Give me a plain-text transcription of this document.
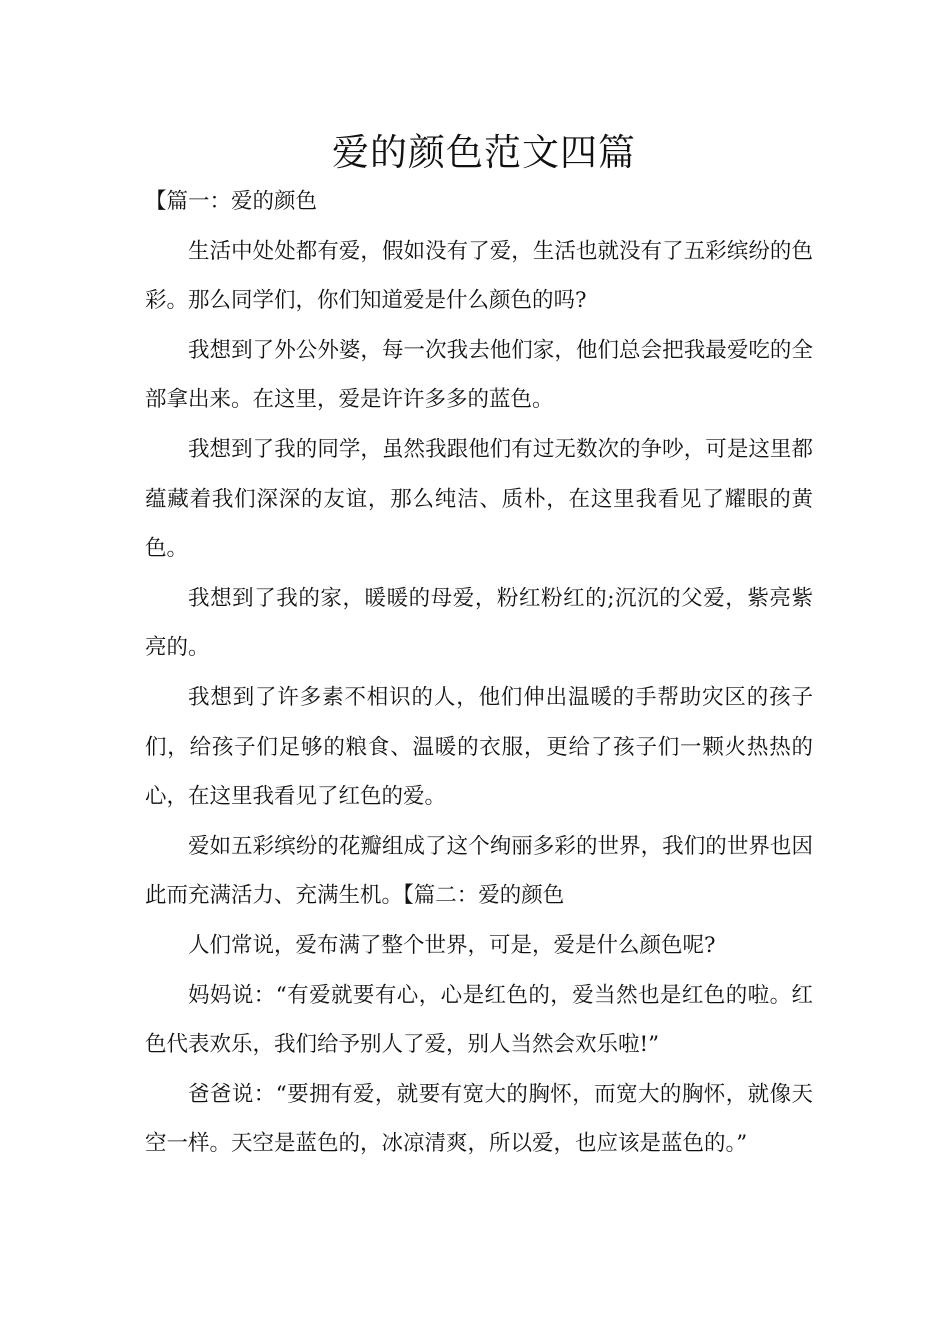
爱的颜色范文四篇

【篇一：爱的颜色

生活中处处都有爱，假如没有了爱，生活也就没有了五彩缤纷的色彩。那么同学们，你们知道爱是什么颜色的吗?

我想到了外公外婆，每一次我去他们家，他们总会把我最爱吃的全部拿出来。在这里，爱是许许多多的蓝色。

我想到了我的同学，虽然我跟他们有过无数次的争吵，可是这里都蕴藏着我们深深的友谊，那么纯洁、质朴，在这里我看见了耀眼的黄色。

我想到了我的家，暖暖的母爱，粉红粉红的;沉沉的父爱，紫亮紫亮的。

我想到了许多素不相识的人，他们伸出温暖的手帮助灾区的孩子们，给孩子们足够的粮食、温暖的衣服，更给了孩子们一颗火热热的心，在这里我看见了红色的爱。

爱如五彩缤纷的花瓣组成了这个绚丽多彩的世界，我们的世界也因此而充满活力、充满生机。【篇二：爱的颜色

人们常说，爱布满了整个世界，可是，爱是什么颜色呢?

妈妈说：“有爱就要有心，心是红色的，爱当然也是红色的啦。红色代表欢乐，我们给予别人了爱，别人当然会欢乐啦!”

爸爸说：“要拥有爱，就要有宽大的胸怀，而宽大的胸怀，就像天空一样。天空是蓝色的，冰凉清爽，所以爱，也应该是蓝色的。”
